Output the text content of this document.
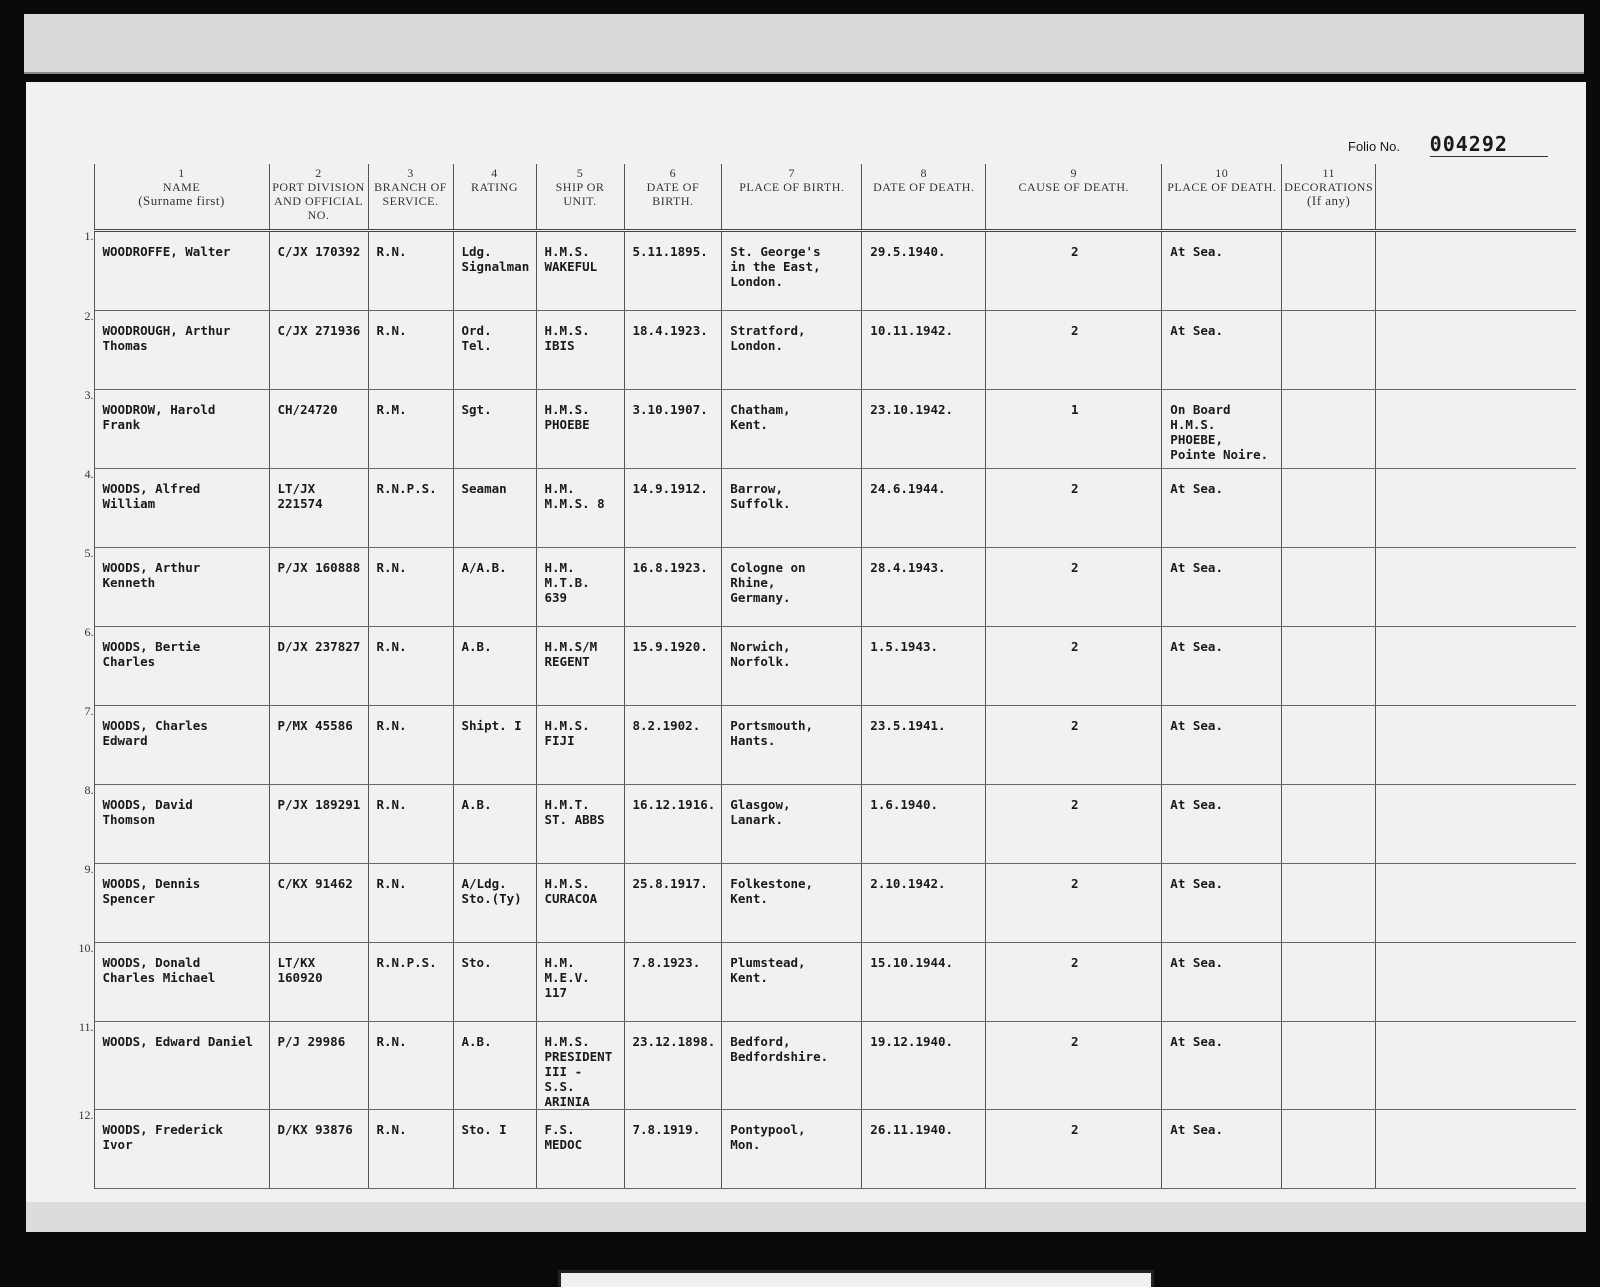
Folio No. 004292

	1
NAME
(Surname first)	2
PORT DIVISION AND OFFICIAL NO.	3
BRANCH OF SERVICE.	4
RATING	5
SHIP OR UNIT.	6
DATE OF BIRTH.	7
PLACE OF BIRTH.	8
DATE OF DEATH.	9
CAUSE OF DEATH.	10
PLACE OF DEATH.	11
DECORATIONS
(If any)	
1.	WOODROFFE, Walter	C/JX 170392	R.N.	Ldg.
Signalman	H.M.S.
WAKEFUL	5.11.1895.	St. George's
in the East,
London.	29.5.1940.	2	At Sea.		
2.	WOODROUGH, Arthur
Thomas	C/JX 271936	R.N.	Ord.
Tel.	H.M.S.
IBIS	18.4.1923.	Stratford,
London.	10.11.1942.	2	At Sea.		
3.	WOODROW, Harold
Frank	CH/24720	R.M.	Sgt.	H.M.S.
PHOEBE	3.10.1907.	Chatham,
Kent.	23.10.1942.	1	On Board
H.M.S.
PHOEBE,
Pointe Noire.		
4.	WOODS, Alfred
William	LT/JX
221574	R.N.P.S.	Seaman	H.M.
M.M.S. 8	14.9.1912.	Barrow,
Suffolk.	24.6.1944.	2	At Sea.		
5.	WOODS, Arthur
Kenneth	P/JX 160888	R.N.	A/A.B.	H.M.
M.T.B. 639	16.8.1923.	Cologne on
Rhine,
Germany.	28.4.1943.	2	At Sea.		
6.	WOODS, Bertie
Charles	D/JX 237827	R.N.	A.B.	H.M.S/M
REGENT	15.9.1920.	Norwich,
Norfolk.	1.5.1943.	2	At Sea.		
7.	WOODS, Charles
Edward	P/MX 45586	R.N.	Shipt. I	H.M.S.
FIJI	8.2.1902.	Portsmouth,
Hants.	23.5.1941.	2	At Sea.		
8.	WOODS, David
Thomson	P/JX 189291	R.N.	A.B.	H.M.T.
ST. ABBS	16.12.1916.	Glasgow,
Lanark.	1.6.1940.	2	At Sea.		
9.	WOODS, Dennis
Spencer	C/KX 91462	R.N.	A/Ldg.
Sto.(Ty)	H.M.S.
CURACOA	25.8.1917.	Folkestone,
Kent.	2.10.1942.	2	At Sea.		
10.	WOODS, Donald
Charles Michael	LT/KX
160920	R.N.P.S.	Sto.	H.M.
M.E.V. 117	7.8.1923.	Plumstead,
Kent.	15.10.1944.	2	At Sea.		
11.	WOODS, Edward Daniel	P/J 29986	R.N.	A.B.	H.M.S.
PRESIDENT
III - S.S.
ARINIA	23.12.1898.	Bedford,
Bedfordshire.	19.12.1940.	2	At Sea.		
12.	WOODS, Frederick
Ivor	D/KX 93876	R.N.	Sto. I	F.S.
MEDOC	7.8.1919.	Pontypool,
Mon.	26.11.1940.	2	At Sea.		
